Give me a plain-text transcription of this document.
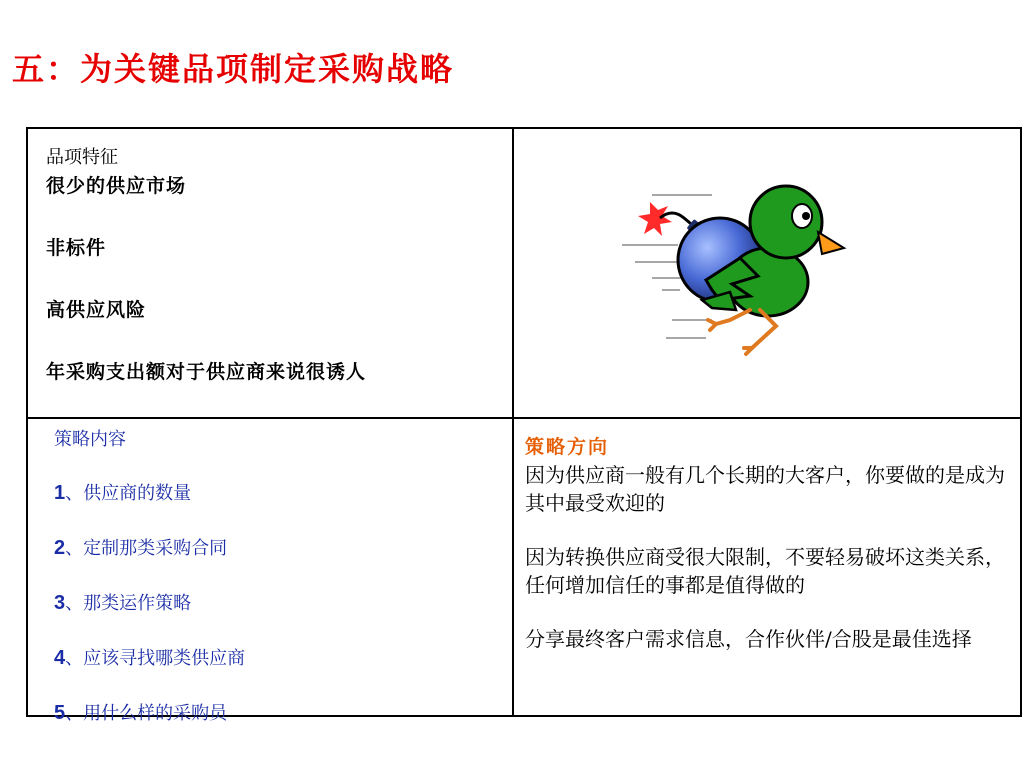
五：为关键品项制定采购战略
品项特征
很少的供应市场
非标件
高供应风险
年采购支出额对于供应商来说很诱人
策略内容
1、供应商的数量
2、定制那类采购合同
3、那类运作策略
4、应该寻找哪类供应商
5、用什么样的采购员
策略方向
因为供应商一般有几个长期的大客户，你要做的是成为其中最受欢迎的
因为转换供应商受很大限制，不要轻易破坏这类关系，任何增加信任的事都是值得做的
分享最终客户需求信息，合作伙伴/合股是最佳选择
